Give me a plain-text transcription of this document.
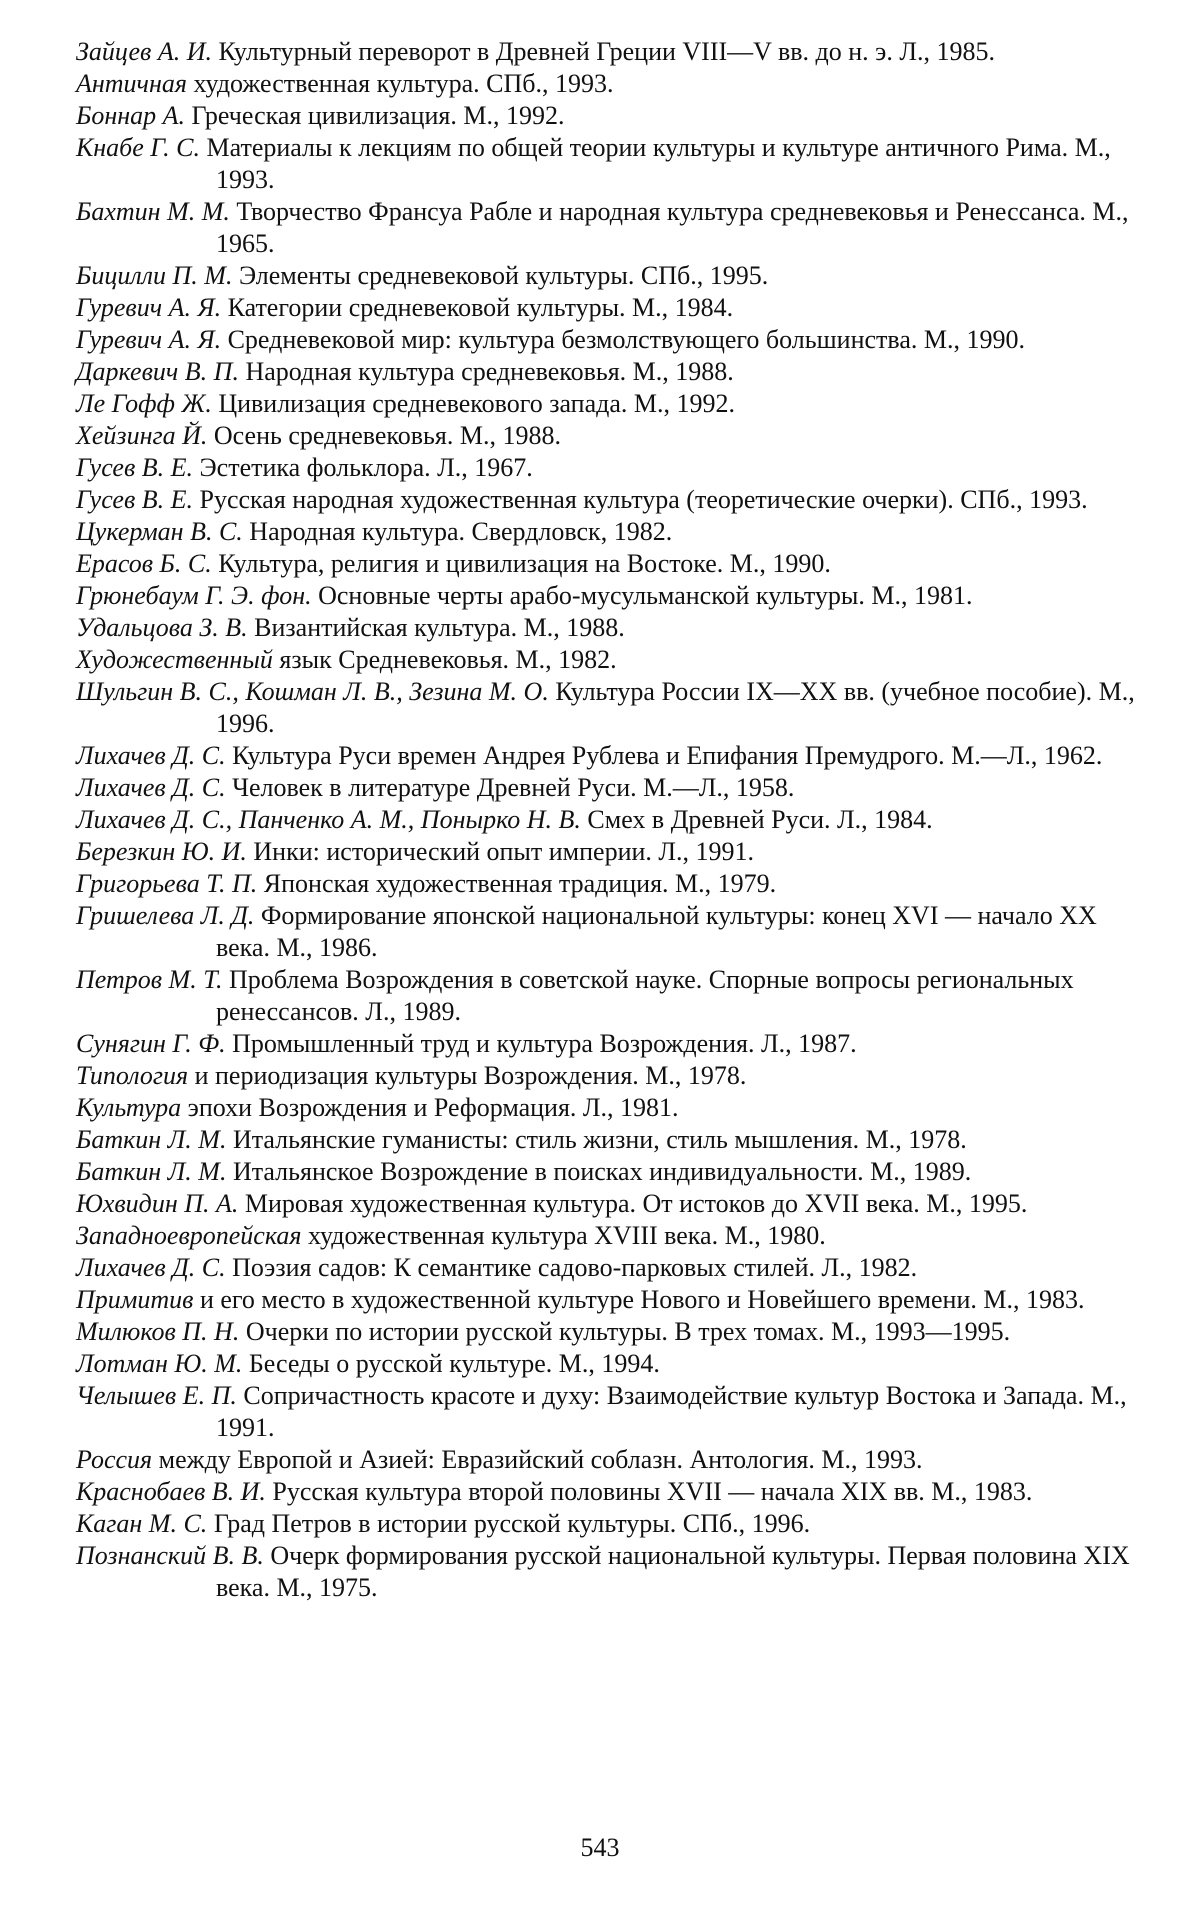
Зайцев А. И. Культурный переворот в Древней Греции VIII—V вв. до н. э. Л., 1985.
Античная художественная культура. СПб., 1993.
Боннар А. Греческая цивилизация. М., 1992.
Кнабе Г. С. Материалы к лекциям по общей теории культуры и культуре античного Рима. М., 1993.
Бахтин М. М. Творчество Франсуа Рабле и народная культура средневековья и Ренессанса. М., 1965.
Бицилли П. М. Элементы средневековой культуры. СПб., 1995.
Гуревич А. Я. Категории средневековой культуры. М., 1984.
Гуревич А. Я. Средневековой мир: культура безмолствующего большинства. М., 1990.
Даркевич В. П. Народная культура средневековья. М., 1988.
Ле Гофф Ж. Цивилизация средневекового запада. М., 1992.
Хейзинга Й. Осень средневековья. М., 1988.
Гусев В. Е. Эстетика фольклора. Л., 1967.
Гусев В. Е. Русская народная художественная культура (теоретические очерки). СПб., 1993.
Цукерман В. С. Народная культура. Свердловск, 1982.
Ерасов Б. С. Культура, религия и цивилизация на Востоке. М., 1990.
Грюнебаум Г. Э. фон. Основные черты арабо-мусульманской культуры. М., 1981.
Удальцова З. В. Византийская культура. М., 1988.
Художественный язык Средневековья. М., 1982.
Шульгин В. С., Кошман Л. В., Зезина М. О. Культура России IX—XX вв. (учебное пособие). М., 1996.
Лихачев Д. С. Культура Руси времен Андрея Рублева и Епифания Премудрого. М.—Л., 1962.
Лихачев Д. С. Человек в литературе Древней Руси. М.—Л., 1958.
Лихачев Д. С., Панченко А. М., Понырко Н. В. Смех в Древней Руси. Л., 1984.
Березкин Ю. И. Инки: исторический опыт империи. Л., 1991.
Григорьева Т. П. Японская художественная традиция. М., 1979.
Гришелева Л. Д. Формирование японской национальной культуры: конец XVI — начало XX века. М., 1986.
Петров М. Т. Проблема Возрождения в советской науке. Спорные вопросы региональных ренессансов. Л., 1989.
Сунягин Г. Ф. Промышленный труд и культура Возрождения. Л., 1987.
Типология и периодизация культуры Возрождения. М., 1978.
Культура эпохи Возрождения и Реформация. Л., 1981.
Баткин Л. М. Итальянские гуманисты: стиль жизни, стиль мышления. М., 1978.
Баткин Л. М. Итальянское Возрождение в поисках индивидуальности. М., 1989.
Юхвидин П. А. Мировая художественная культура. От истоков до XVII века. М., 1995.
Западноевропейская художественная культура XVIII века. М., 1980.
Лихачев Д. С. Поэзия садов: К семантике садово-парковых стилей. Л., 1982.
Примитив и его место в художественной культуре Нового и Новейшего времени. М., 1983.
Милюков П. Н. Очерки по истории русской культуры. В трех томах. М., 1993—1995.
Лотман Ю. М. Беседы о русской культуре. М., 1994.
Челышев Е. П. Сопричастность красоте и духу: Взаимодействие культур Востока и Запада. М., 1991.
Россия между Европой и Азией: Евразийский соблазн. Антология. М., 1993.
Краснобаев В. И. Русская культура второй половины XVII — начала XIX вв. М., 1983.
Каган М. С. Град Петров в истории русской культуры. СПб., 1996.
Познанский В. В. Очерк формирования русской национальной культуры. Первая половина XIX века. М., 1975.
543
